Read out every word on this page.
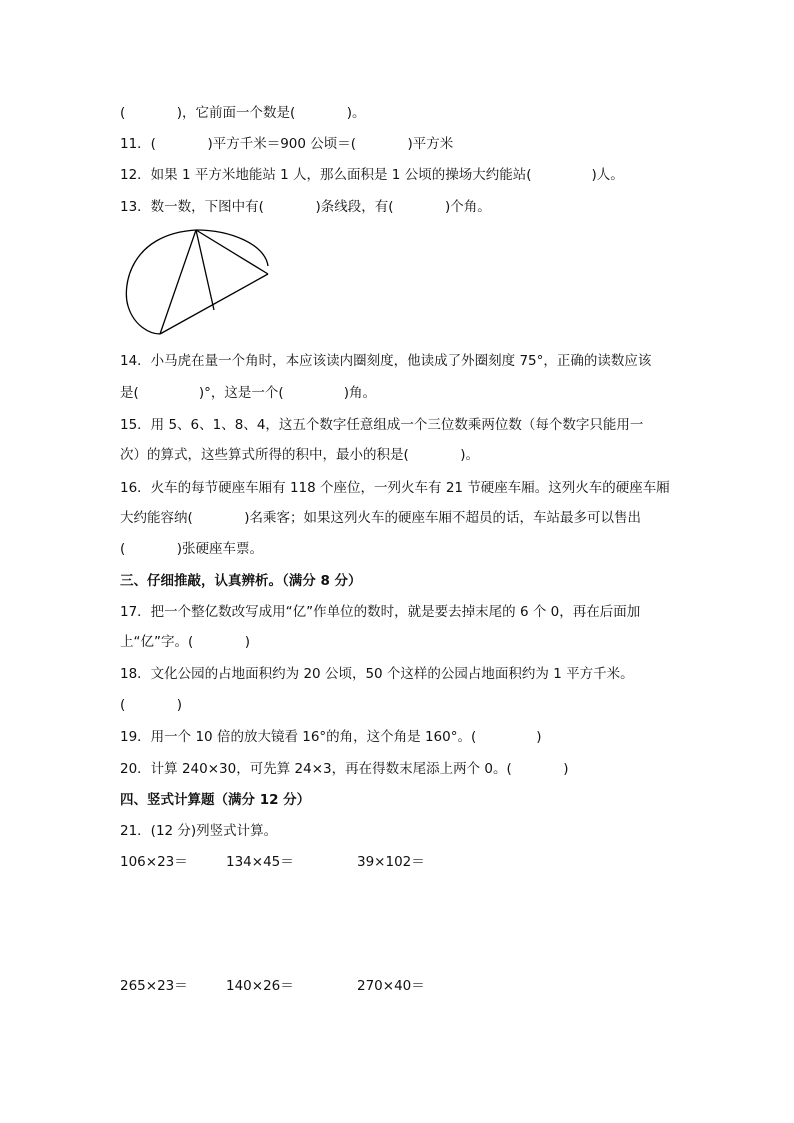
(            )，它前面一个数是(            )。
11．(            )平方千米＝900 公顷＝(            )平方米
12．如果 1 平方米地能站 1 人，那么面积是 1 公顷的操场大约能站(              )人。
13．数一数，下图中有(            )条线段，有(            )个角。
14．小马虎在量一个角时，本应该读内圈刻度，他读成了外圈刻度 75°，正确的读数应该
是(              )°，这是一个(              )角。
15．用 5、6、1、8、4，这五个数字任意组成一个三位数乘两位数（每个数字只能用一
次）的算式，这些算式所得的积中，最小的积是(            )。
16．火车的每节硬座车厢有 118 个座位，一列火车有 21 节硬座车厢。这列火车的硬座车厢
大约能容纳(            )名乘客；如果这列火车的硬座车厢不超员的话，车站最多可以售出
(            )张硬座车票。
三、仔细推敲，认真辨析。（满分 8 分）
17．把一个整亿数改写成用“亿”作单位的数时，就是要去掉末尾的 6 个 0，再在后面加
上“亿”字。(            )
18．文化公园的占地面积约为 20 公顷，50 个这样的公园占地面积约为 1 平方千米。
(            )
19．用一个 10 倍的放大镜看 16°的角，这个角是 160°。(              )
20．计算 240×30，可先算 24×3，再在得数末尾添上两个 0。(            )
四、竖式计算题（满分 12 分）
21．(12 分)列竖式计算。
106×23＝	134×45＝	39×102＝
265×23＝	140×26＝	270×40＝
